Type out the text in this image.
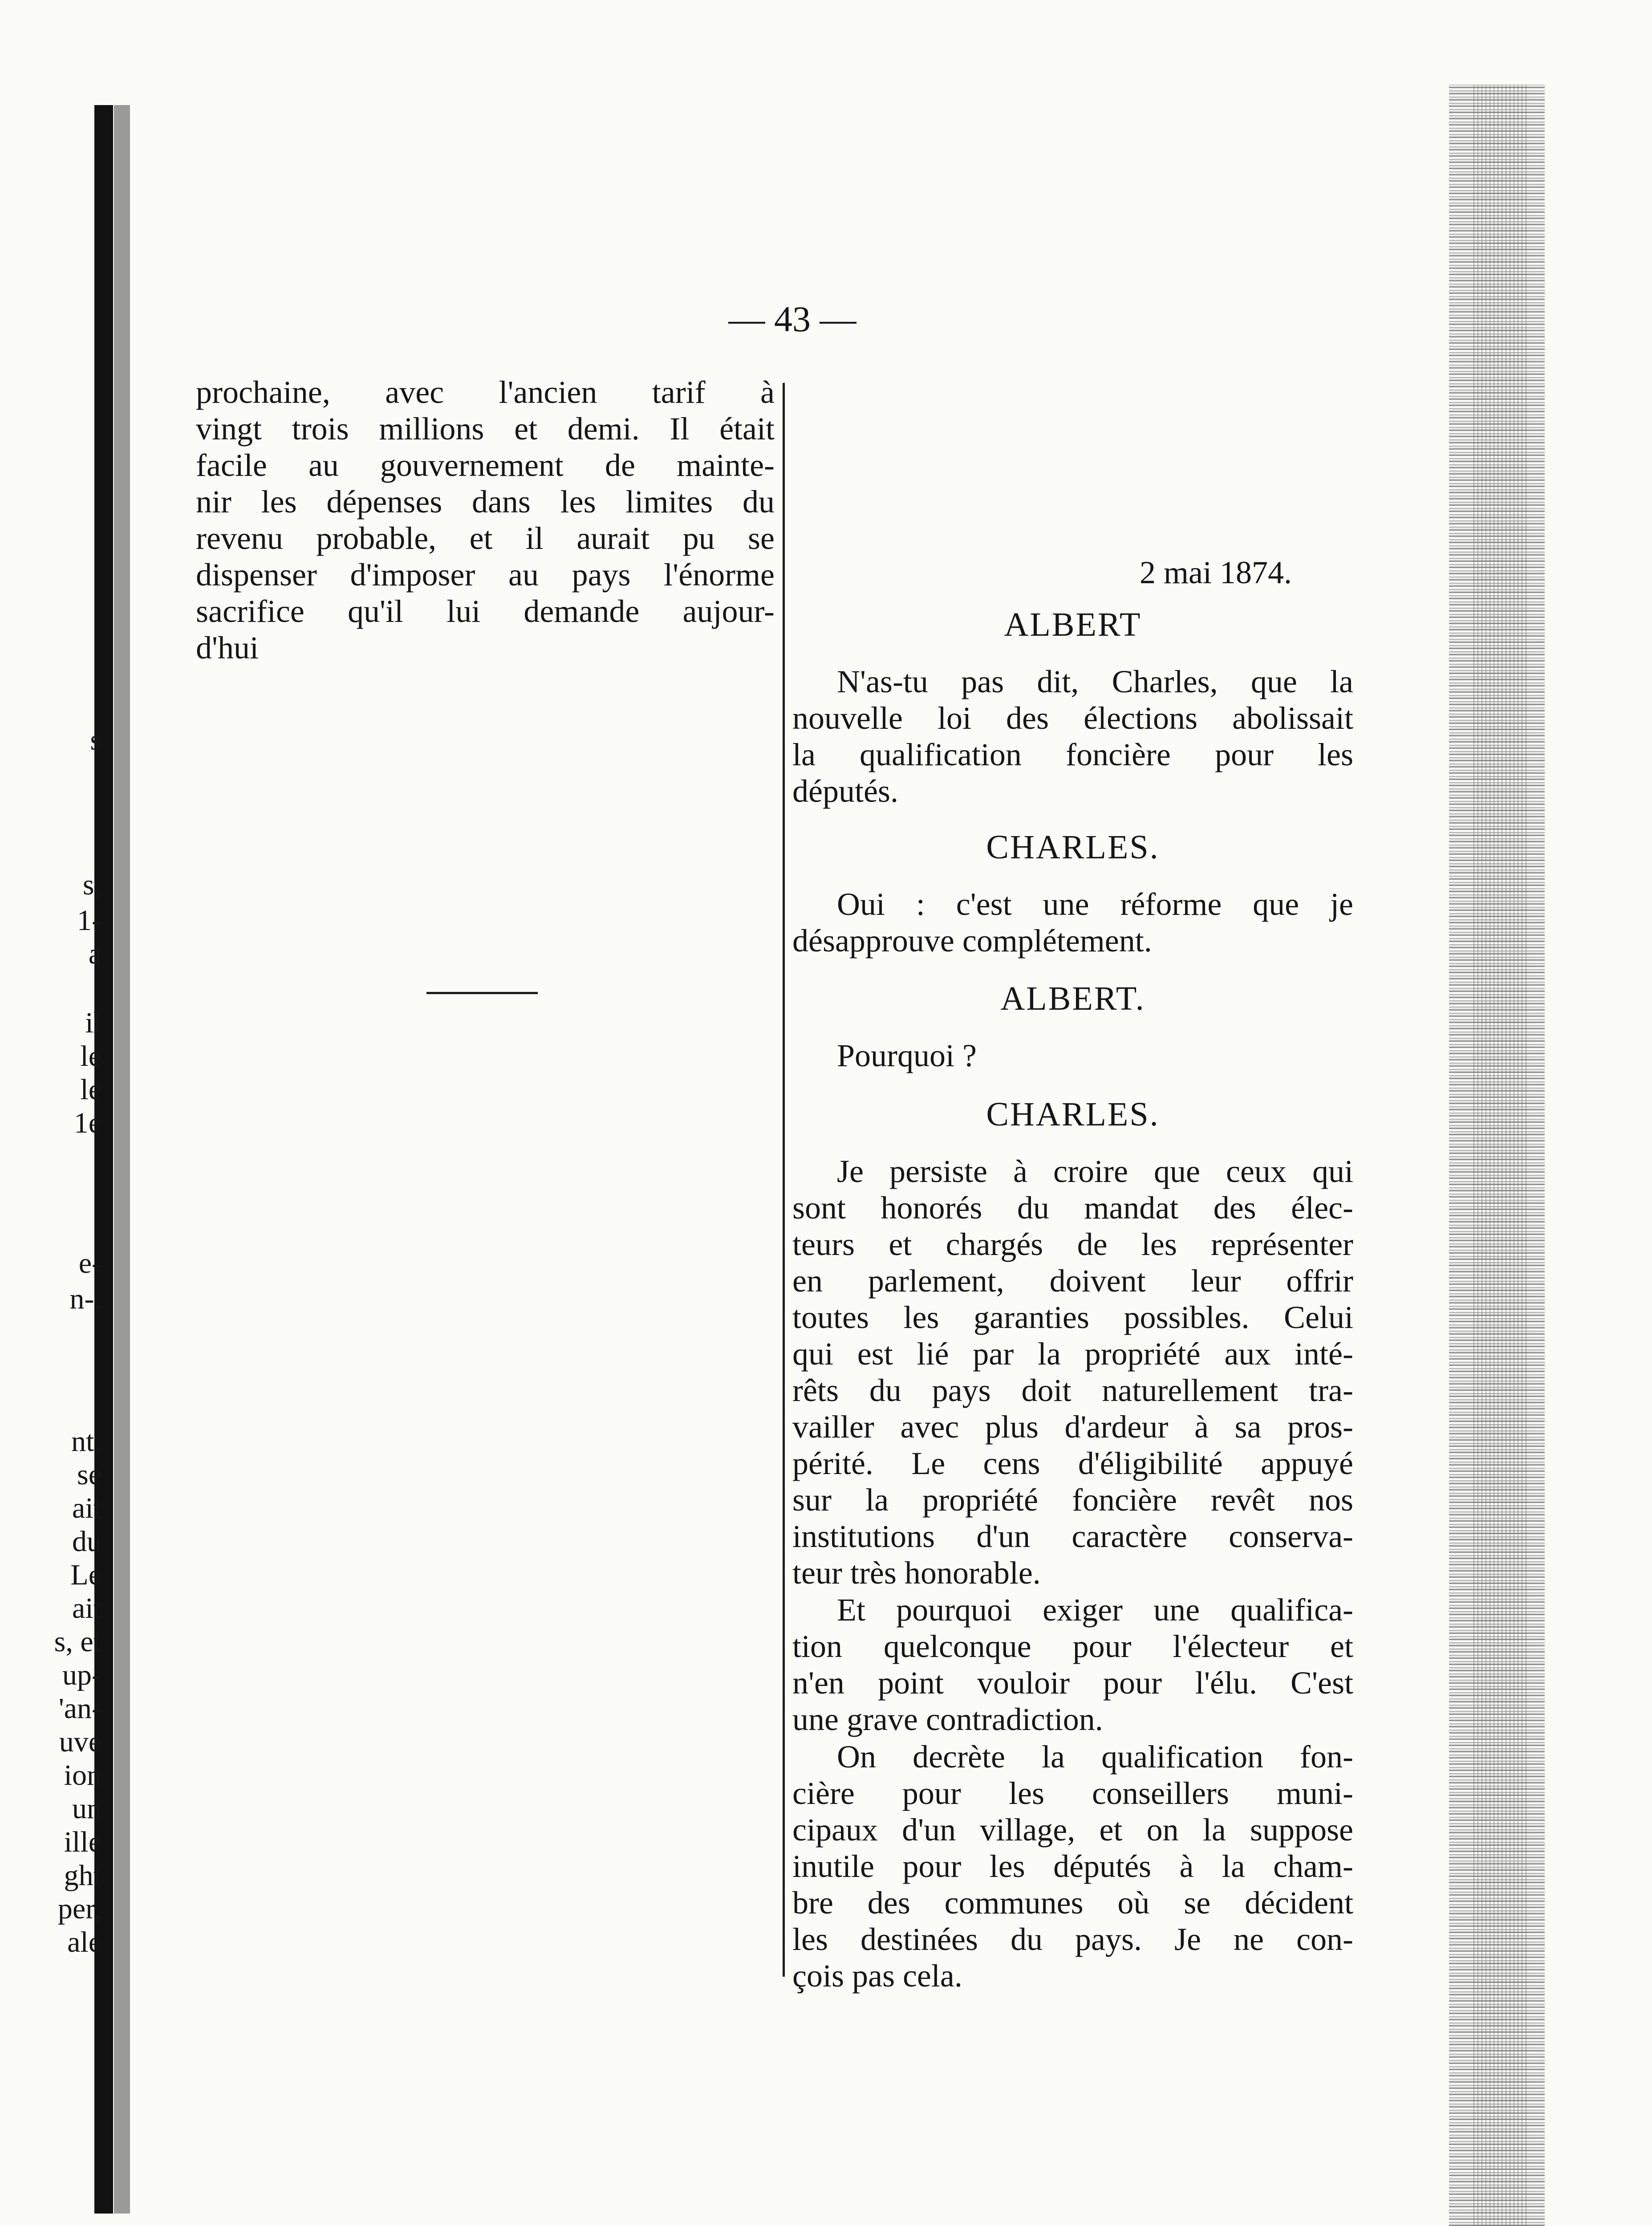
— 43 —
prochaine, avec l'ancien tarif à
vingt trois millions et demi. Il était
facile au gouvernement de mainte-
nir les dépenses dans les limites du
revenu probable, et il aurait pu se
dispenser d'imposer au pays l'énorme
sacrifice qu'il lui demande aujour-
d'hui
2 mai 1874.
ALBERT
N'as-tu pas dit, Charles, que la
nouvelle loi des élections abolissait
la qualification foncière pour les
députés.
CHARLES.
Oui : c'est une réforme que je
désapprouve complétement.
ALBERT.
Pourquoi ?
CHARLES.
Je persiste à croire que ceux qui
sont honorés du mandat des élec-
teurs et chargés de les représenter
en parlement, doivent leur offrir
toutes les garanties possibles. Celui
qui est lié par la propriété aux inté-
rêts du pays doit naturellement tra-
vailler avec plus d'ardeur à sa pros-
périté. Le cens d'éligibilité appuyé
sur la propriété foncière revêt nos
institutions d'un caractère conserva-
teur très honorable.
Et pourquoi exiger une qualifica-
tion quelconque pour l'électeur et
n'en point vouloir pour l'élu. C'est
une grave contradiction.
On decrète la qualification fon-
cière pour les conseillers muni-
cipaux d'un village, et on la suppose
inutile pour les députés à la cham-
bre des communes où se décident
les destinées du pays. Je ne con-
çois pas cela.
s
s,
1-
a
il
le
le
1e
e-
n-.
nt.
se
ait
du
Le
ait
s, et
up-
'an-
uve
ion
un
ille
ght
per,
ale
